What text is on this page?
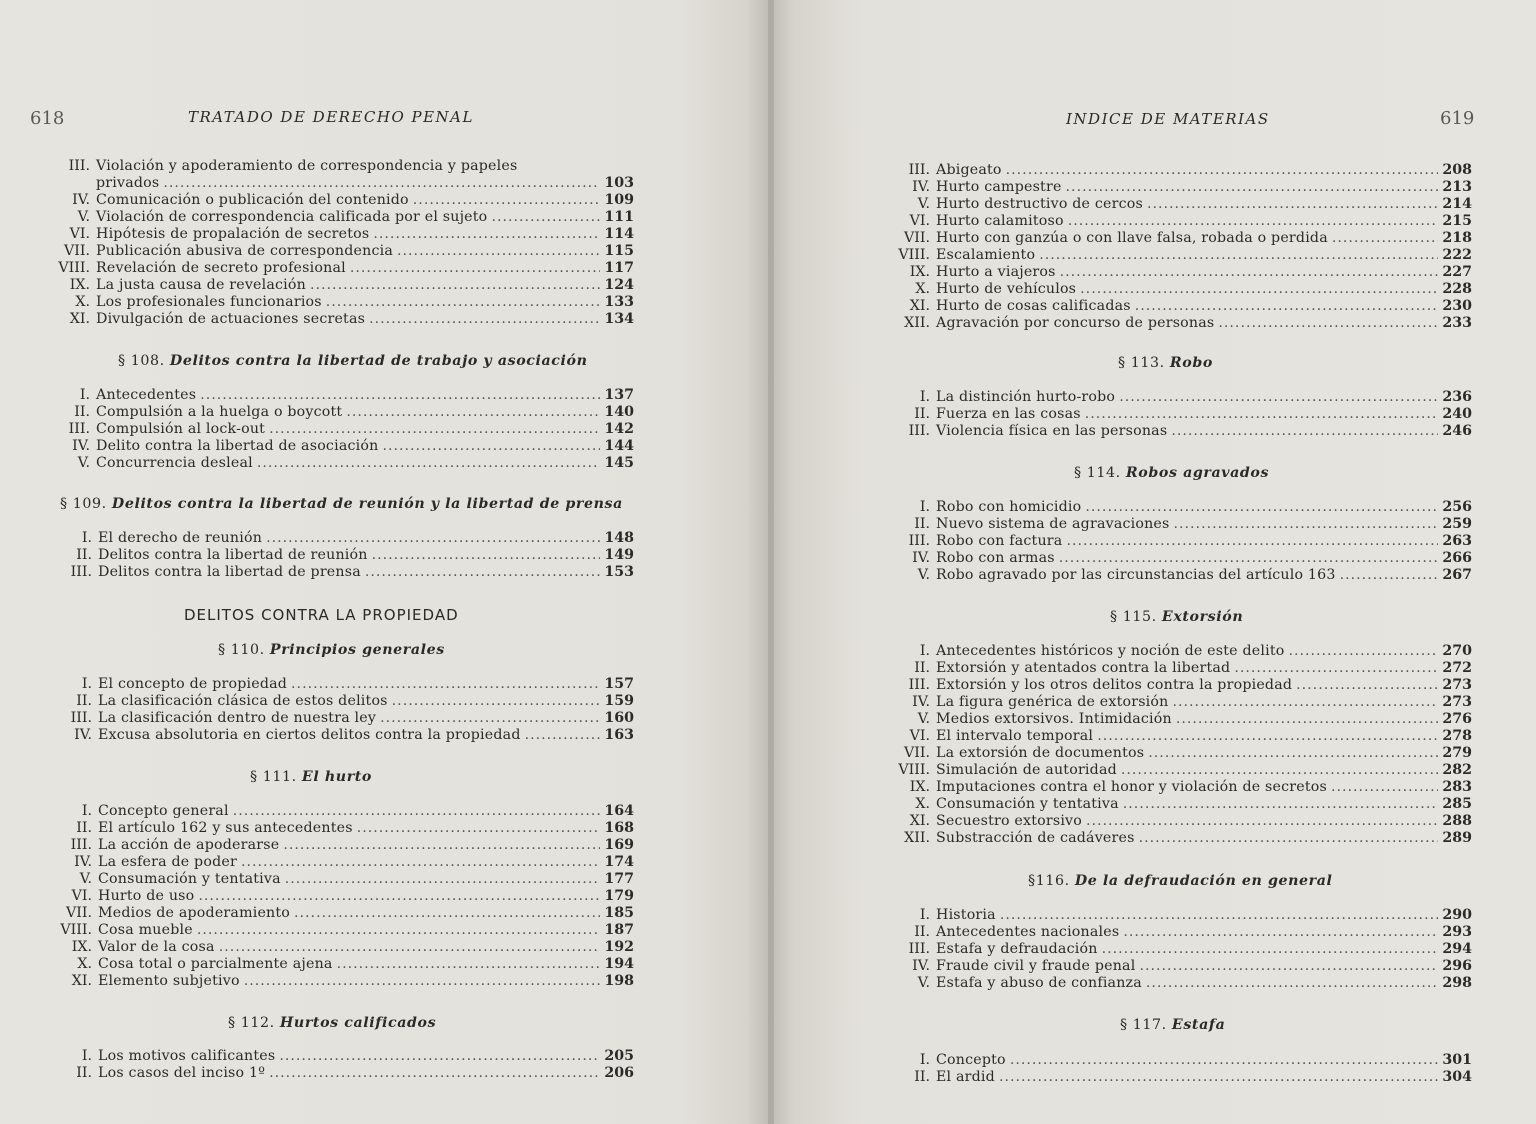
618	TRATADO DE DERECHO PENAL
III. Violación y apoderamiento de correspondencia y papeles
privados .....	103
IV. Comunicación o publicación del contenido .....	109
V. Violación de correspondencia calificada por el sujeto .....	111
VI. Hipótesis de propalación de secretos .....	114
VII. Publicación abusiva de correspondencia .....	115
VIII. Revelación de secreto profesional .....	117
IX. La justa causa de revelación .....	124
X. Los profesionales funcionarios .....	133
XI. Divulgación de actuaciones secretas .....	134
§ 108. Delitos contra la libertad de trabajo y asociación
I. Antecedentes .....	137
II. Compulsión a la huelga o boycott .....	140
III. Compulsión al lock-out .....	142
IV. Delito contra la libertad de asociación .....	144
V. Concurrencia desleal .....	145
§ 109. Delitos contra la libertad de reunión y la libertad de prensa
I. El derecho de reunión .....	148
II. Delitos contra la libertad de reunión .....	149
III. Delitos contra la libertad de prensa .....	153
DELITOS CONTRA LA PROPIEDAD
§ 110. Principios generales
I. El concepto de propiedad .....	157
II. La clasificación clásica de estos delitos .....	159
III. La clasificación dentro de nuestra ley .....	160
IV. Excusa absolutoria en ciertos delitos contra la propiedad .....	163
§ 111. El hurto
I. Concepto general .....	164
II. El artículo 162 y sus antecedentes .....	168
III. La acción de apoderarse .....	169
IV. La esfera de poder .....	174
V. Consumación y tentativa .....	177
VI. Hurto de uso .....	179
VII. Medios de apoderamiento .....	185
VIII. Cosa mueble .....	187
IX. Valor de la cosa .....	192
X. Cosa total o parcialmente ajena .....	194
XI. Elemento subjetivo .....	198
§ 112. Hurtos calificados
I. Los motivos calificantes .....	205
II. Los casos del inciso 1º .....	206
INDICE DE MATERIAS	619
III. Abigeato .....	208
IV. Hurto campestre .....	213
V. Hurto destructivo de cercos .....	214
VI. Hurto calamitoso .....	215
VII. Hurto con ganzúa o con llave falsa, robada o perdida .....	218
VIII. Escalamiento .....	222
IX. Hurto a viajeros .....	227
X. Hurto de vehículos .....	228
XI. Hurto de cosas calificadas .....	230
XII. Agravación por concurso de personas .....	233
§ 113. Robo
I. La distinción hurto-robo .....	236
II. Fuerza en las cosas .....	240
III. Violencia física en las personas .....	246
§ 114. Robos agravados
I. Robo con homicidio .....	256
II. Nuevo sistema de agravaciones .....	259
III. Robo con factura .....	263
IV. Robo con armas .....	266
V. Robo agravado por las circunstancias del artículo 163 .....	267
§ 115. Extorsión
I. Antecedentes históricos y noción de este delito .....	270
II. Extorsión y atentados contra la libertad .....	272
III. Extorsión y los otros delitos contra la propiedad .....	273
IV. La figura genérica de extorsión .....	273
V. Medios extorsivos. Intimidación .....	276
VI. El intervalo temporal .....	278
VII. La extorsión de documentos .....	279
VIII. Simulación de autoridad .....	282
IX. Imputaciones contra el honor y violación de secretos .....	283
X. Consumación y tentativa .....	285
XI. Secuestro extorsivo .....	288
XII. Substracción de cadáveres .....	289
§116. De la defraudación en general
I. Historia .....	290
II. Antecedentes nacionales .....	293
III. Estafa y defraudación .....	294
IV. Fraude civil y fraude penal .....	296
V. Estafa y abuso de confianza .....	298
§ 117. Estafa
I. Concepto .....	301
II. El ardid .....	304
